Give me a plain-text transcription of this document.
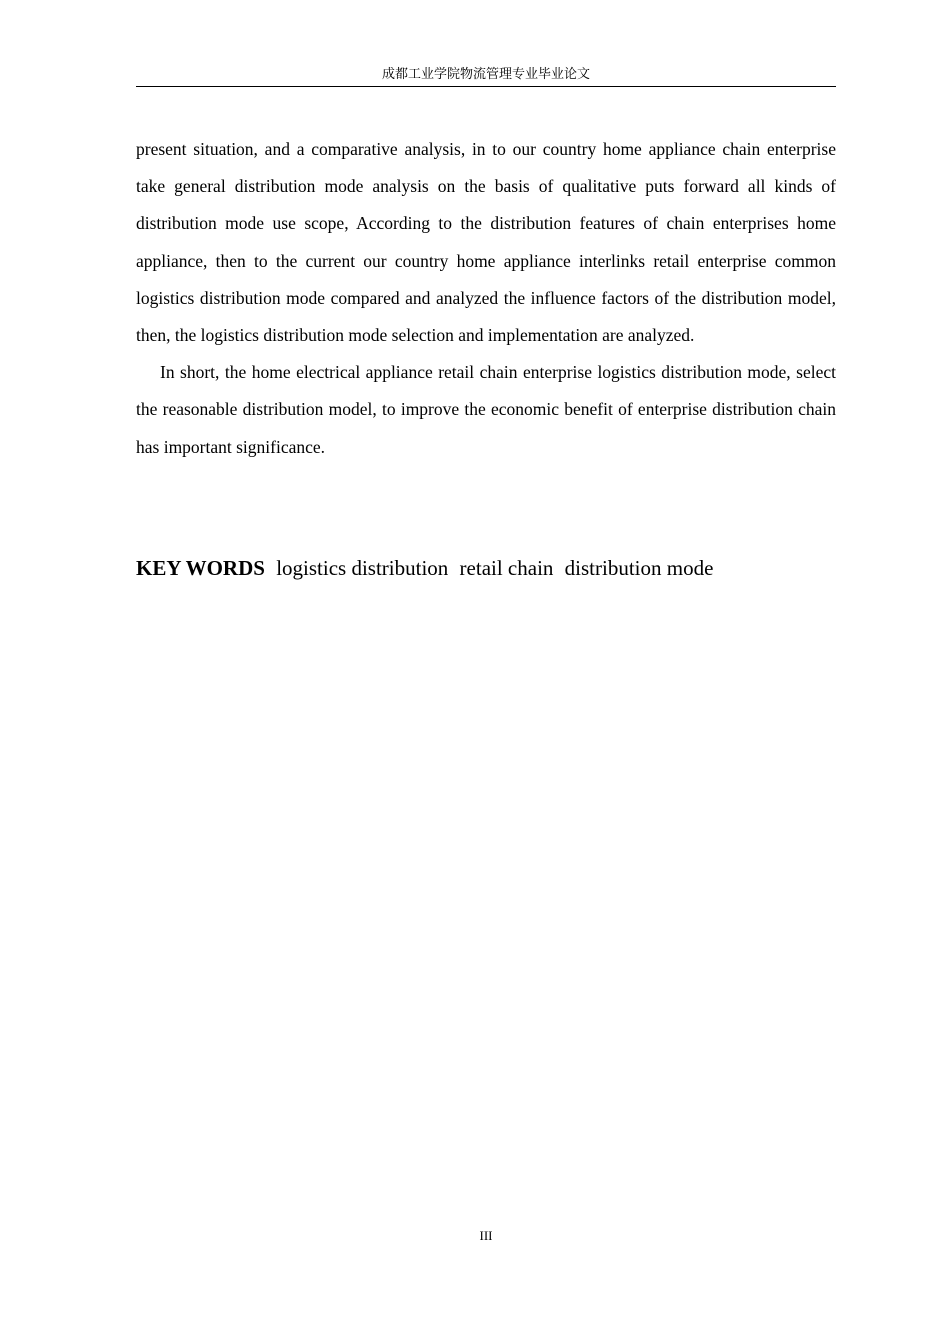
成都工业学院物流管理专业毕业论文

present situation, and a comparative analysis, in to our country home appliance chain enterprise take general distribution mode analysis on the basis of qualitative puts forward all kinds of distribution mode use scope, According to the distribution features of chain enterprises home appliance, then to the current our country home appliance interlinks retail enterprise common logistics distribution mode compared and analyzed the influence factors of the distribution model, then, the logistics distribution mode selection and implementation are analyzed.

In short, the home electrical appliance retail chain enterprise logistics distribution mode, select the reasonable distribution model, to improve the economic benefit of enterprise distribution chain has important significance.

KEY WORDS logistics distribution retail chain distribution mode
III
